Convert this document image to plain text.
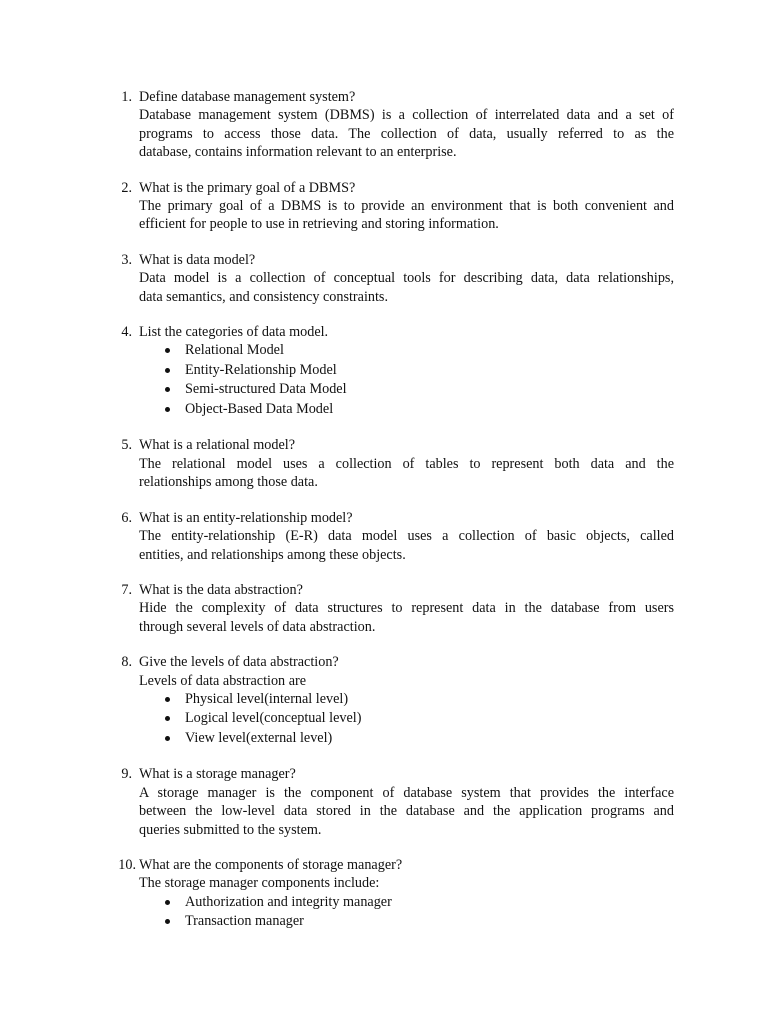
1. Define database management system?
Database management system (DBMS) is a collection of interrelated data and a set of
programs to access those data. The collection of data, usually referred to as the
database, contains information relevant to an enterprise.
2. What is the primary goal of a DBMS?
The primary goal of a DBMS is to provide an environment that is both convenient and
efficient for people to use in retrieving and storing information.
3. What is data model?
Data model is a collection of conceptual tools for describing data, data relationships,
data semantics, and consistency constraints.
4. List the categories of data model.
Relational Model
Entity-Relationship Model
Semi-structured Data Model
Object-Based Data Model
5. What is a relational model?
The relational model uses a collection of tables to represent both data and the
relationships among those data.
6. What is an entity-relationship model?
The entity-relationship (E-R) data model uses a collection of basic objects, called
entities, and relationships among these objects.
7. What is the data abstraction?
Hide the complexity of data structures to represent data in the database from users
through several levels of data abstraction.
8. Give the levels of data abstraction?
Levels of data abstraction are
Physical level(internal level)
Logical level(conceptual level)
View level(external level)
9. What is a storage manager?
A storage manager is the component of database system that provides the interface
between the low-level data stored in the database and the application programs and
queries submitted to the system.
10. What are the components of storage manager?
The storage manager components include:
Authorization and integrity manager
Transaction manager
